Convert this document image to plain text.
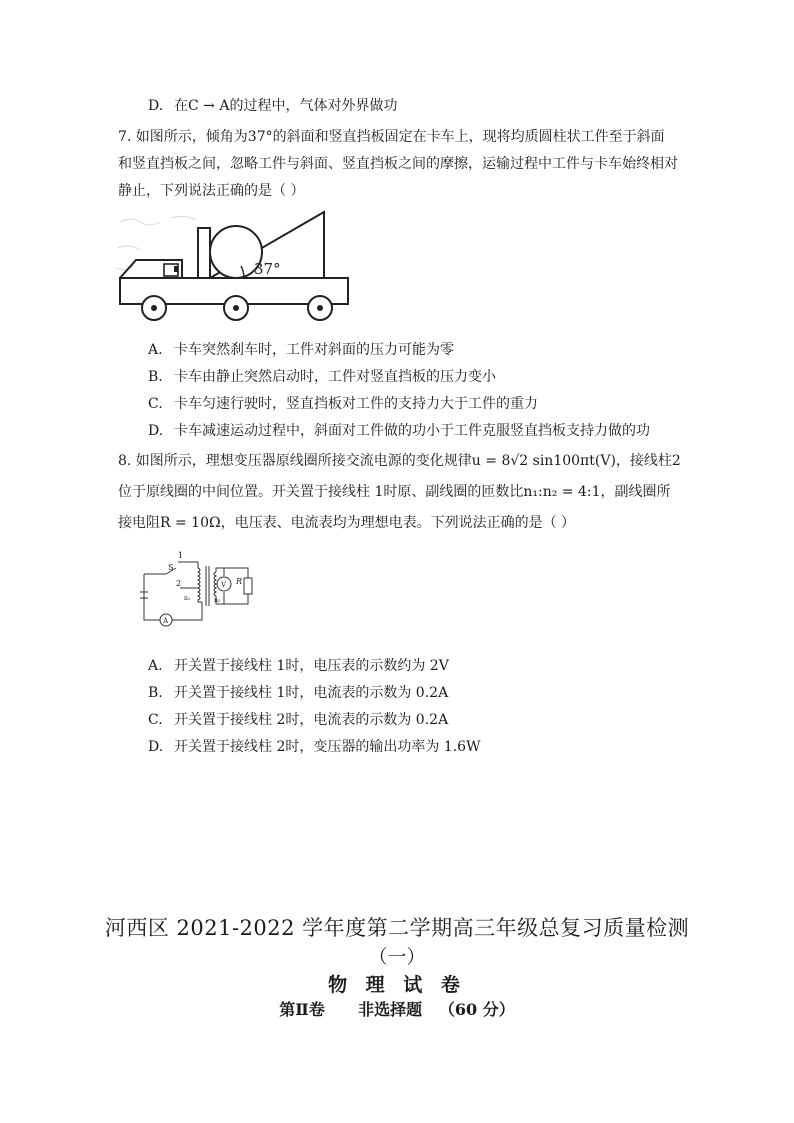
D. 在C → A的过程中，气体对外界做功
7. 如图所示，倾角为37°的斜面和竖直挡板固定在卡车上，现将均质圆柱状工件至于斜面
和竖直挡板之间，忽略工件与斜面、竖直挡板之间的摩擦，运输过程中工件与卡车始终相对
静止，下列说法正确的是（ ）
37°
A. 卡车突然刹车时，工件对斜面的压力可能为零
B. 卡车由静止突然启动时，工件对竖直挡板的压力变小
C. 卡车匀速行驶时，竖直挡板对工件的支持力大于工件的重力
D. 卡车减速运动过程中，斜面对工件做的功小于工件克服竖直挡板支持力做的功
8. 如图所示，理想变压器原线圈所接交流电源的变化规律u = 8√2 sin100πt(V)，接线柱2
位于原线圈的中间位置。开关置于接线柱 1时原、副线圈的匝数比n₁:n₂ = 4:1，副线圈所
接电阻R = 10Ω，电压表、电流表均为理想电表。下列说法正确的是（ ）
1
S
2
n₁	n₂
V
A
R
A. 开关置于接线柱 1时，电压表的示数约为 2V
B. 开关置于接线柱 1时，电流表的示数为 0.2A
C. 开关置于接线柱 2时，电流表的示数为 0.2A
D. 开关置于接线柱 2时，变压器的输出功率为 1.6W
河西区 2021-2022 学年度第二学期高三年级总复习质量检测
（一）
物 理 试 卷
第Ⅱ卷      非选择题   （60 分）
